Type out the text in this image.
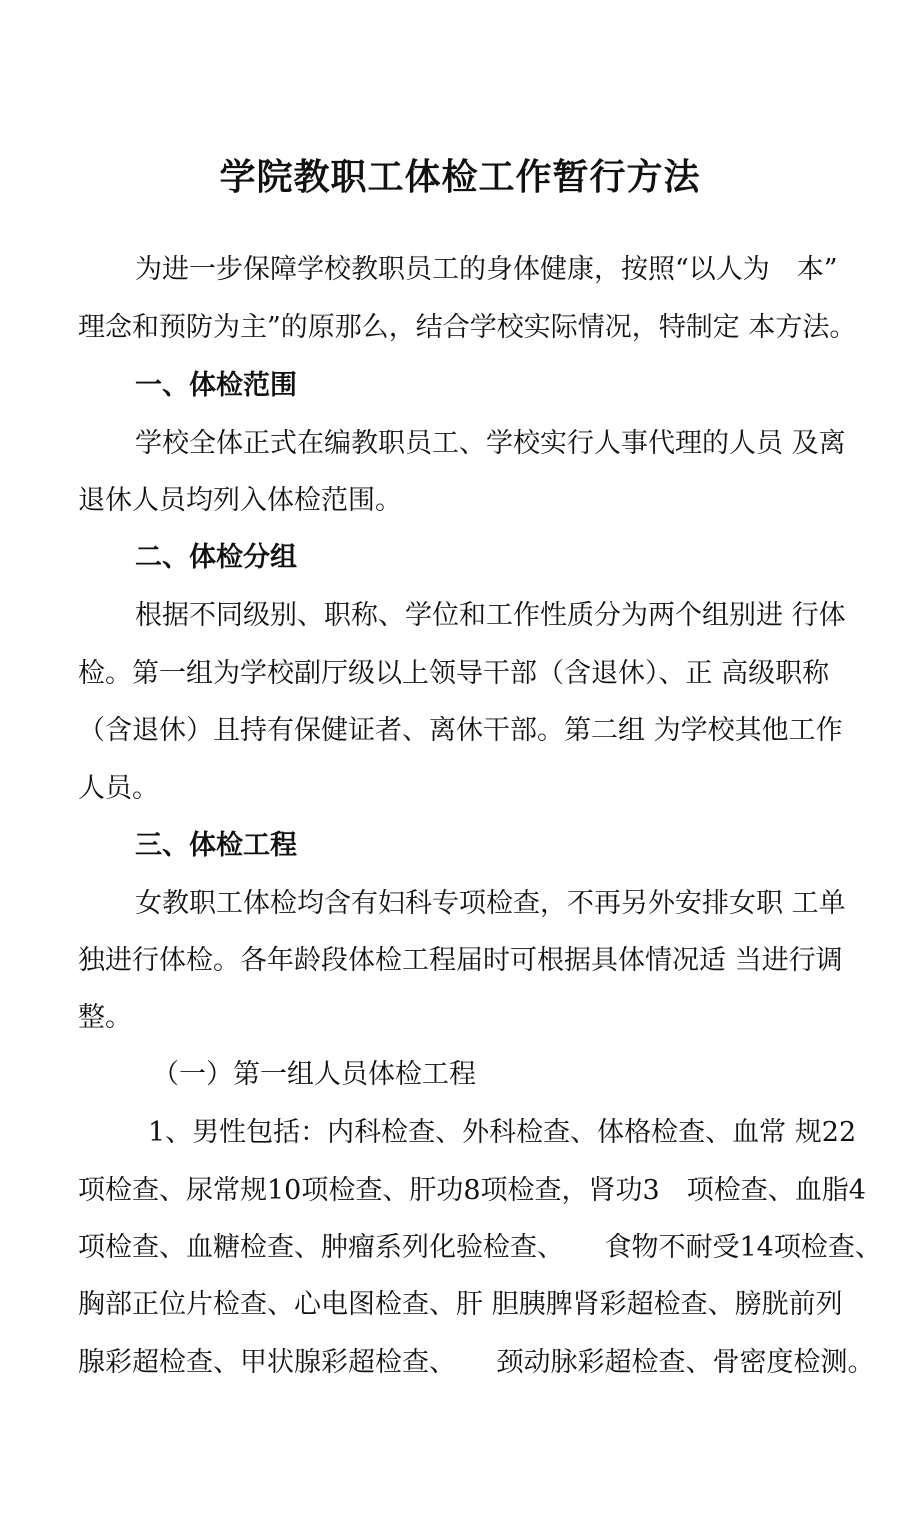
学院教职工体检工作暂行方法
为进一步保障学校教职员工的身体健康，按照“以人为　本”
理念和预防为主”的原那么，结合学校实际情况，特制定 本方法。
一、体检范围
学校全体正式在编教职员工、学校实行人事代理的人员 及离
退休人员均列入体检范围。
二、体检分组
根据不同级别、职称、学位和工作性质分为两个组别进 行体
检。第一组为学校副厅级以上领导干部（含退休）、正 高级职称
（含退休）且持有保健证者、离休干部。第二组 为学校其他工作
人员。
三、体检工程
女教职工体检均含有妇科专项检查，不再另外安排女职 工单
独进行体检。各年龄段体检工程届时可根据具体情况适 当进行调
整。
（一）第一组人员体检工程
1、男性包括：内科检查、外科检查、体格检查、血常 规22
项检查、尿常规10项检查、肝功8项检查，肾功3　项检查、血脂4
项检查、血糖检查、肿瘤系列化验检查、　　食物不耐受14项检查、
胸部正位片检查、心电图检查、肝 胆胰脾肾彩超检查、膀胱前列
腺彩超检查、甲状腺彩超检查、　　颈动脉彩超检查、骨密度检测。
